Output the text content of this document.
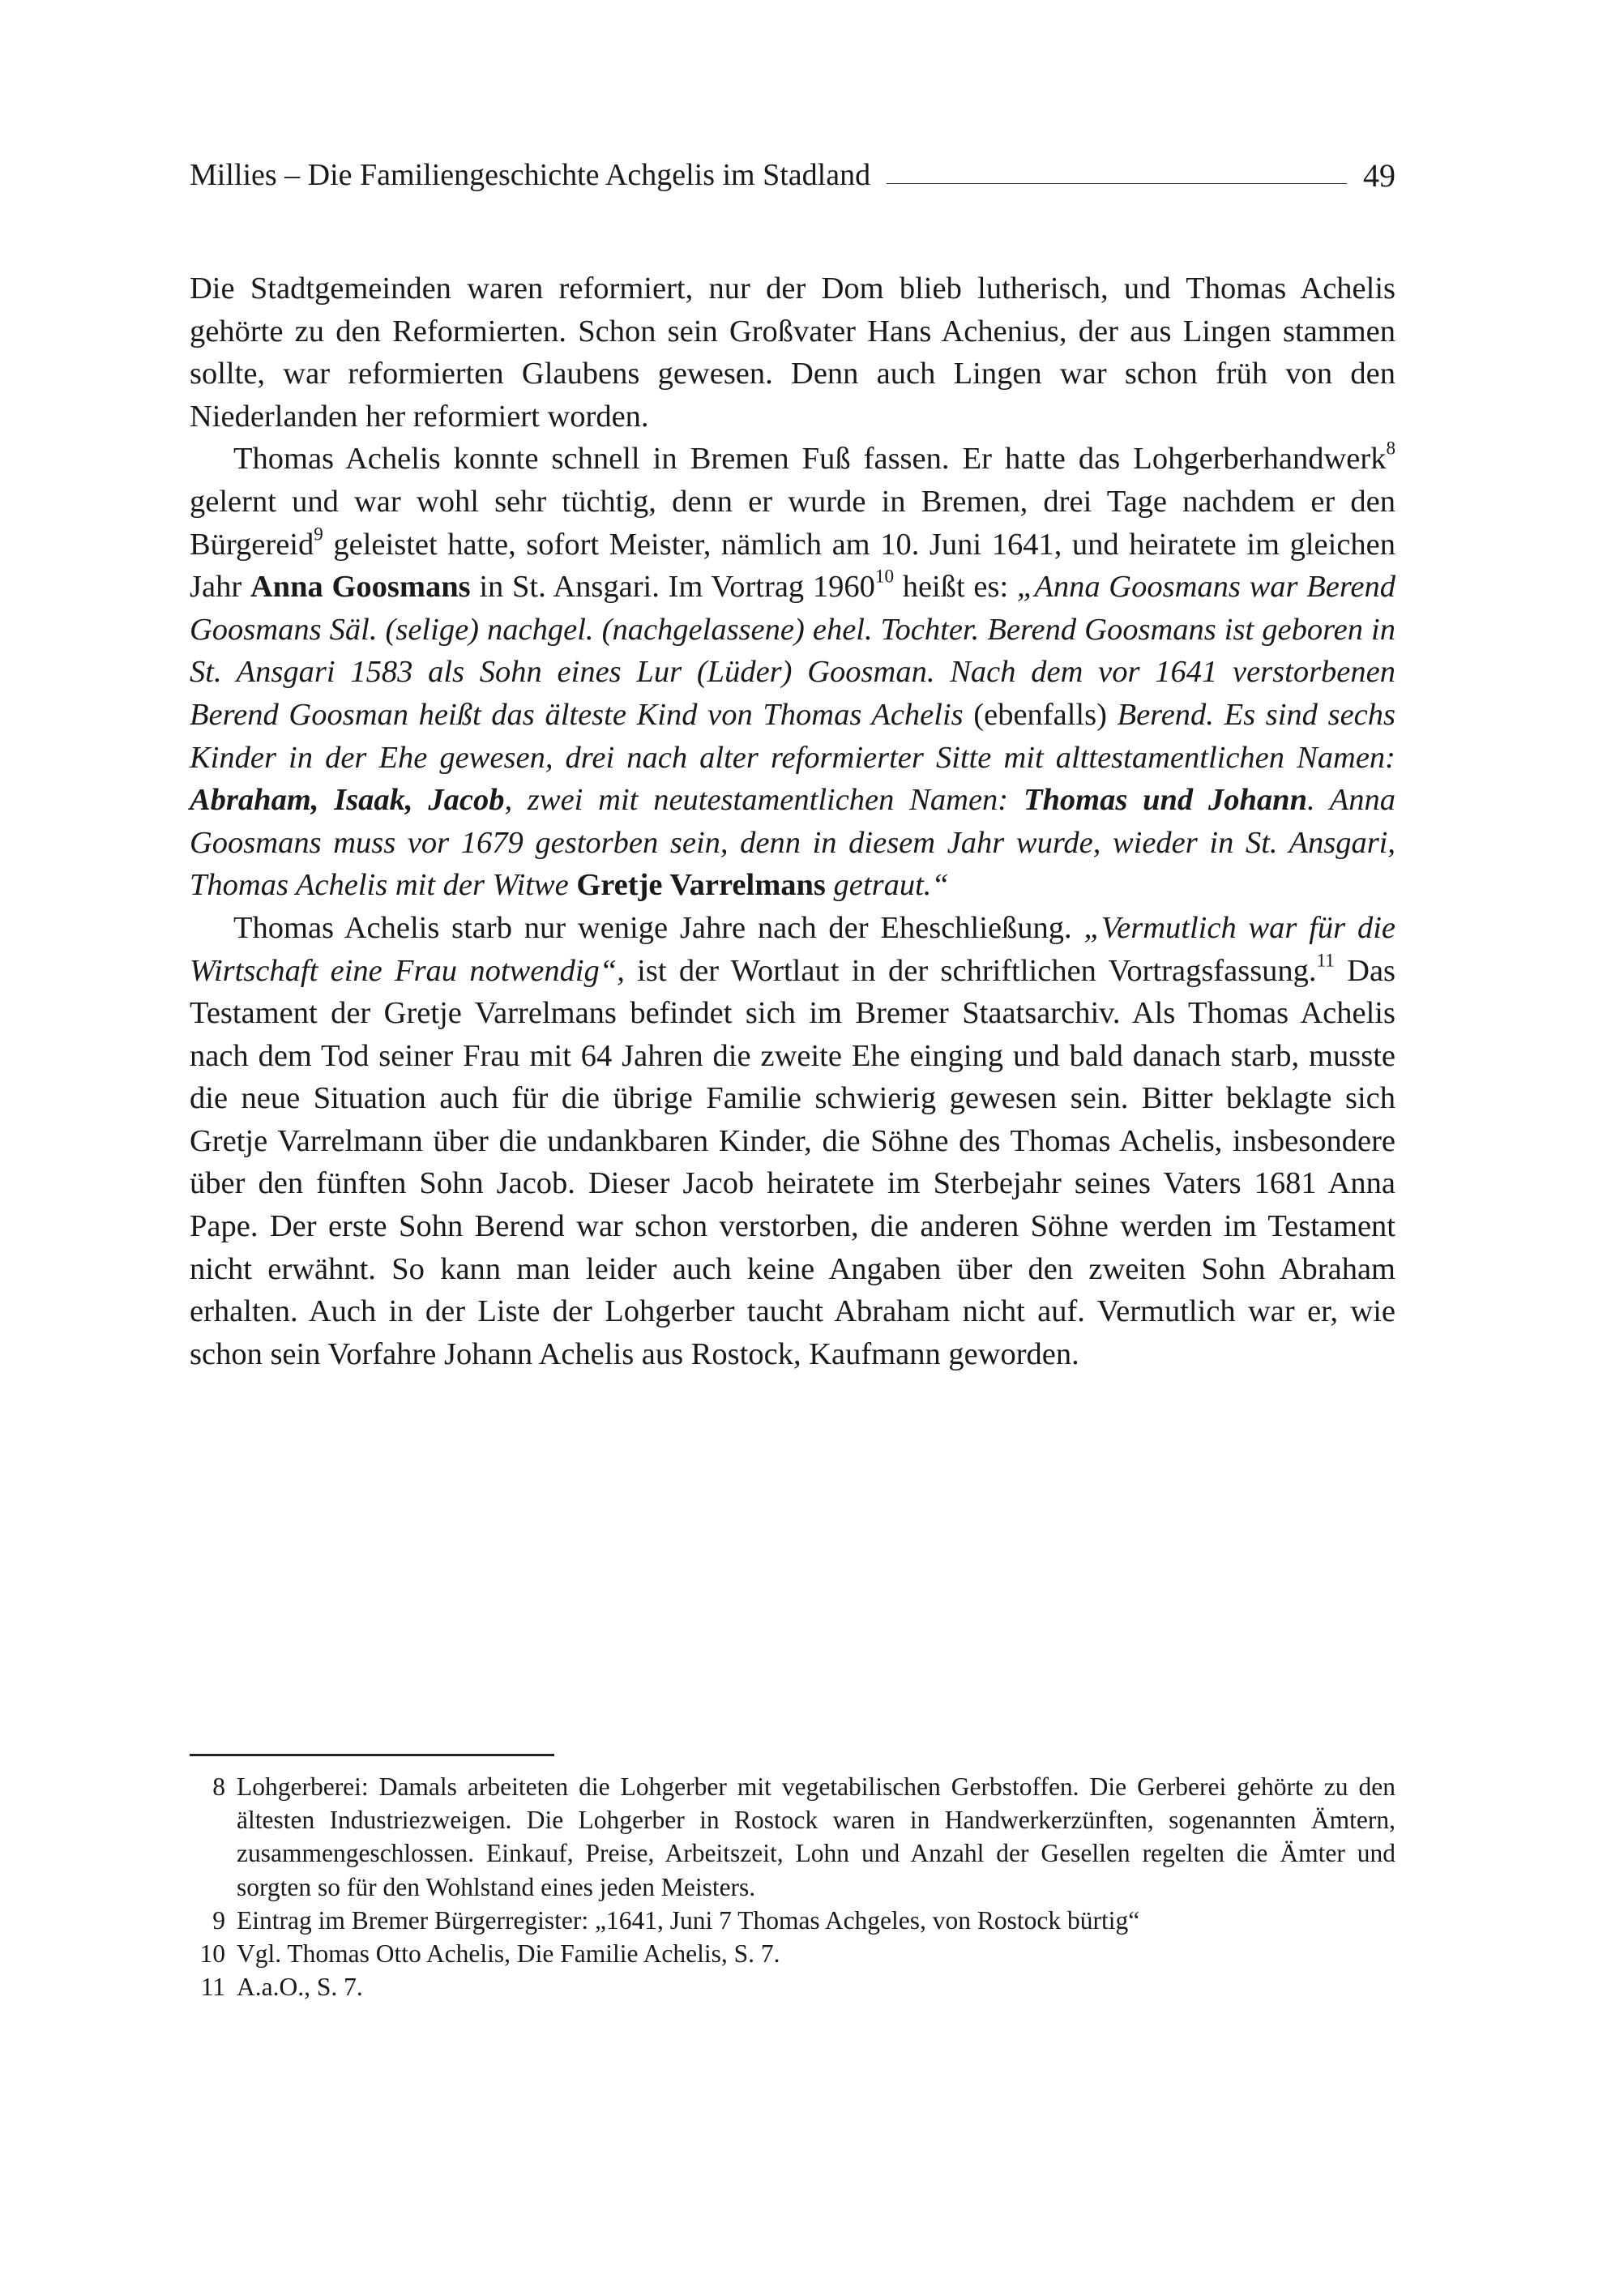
Millies – Die Familiengeschichte Achgelis im Stadland	49

Die Stadtgemeinden waren reformiert, nur der Dom blieb lutherisch, und Thomas Achelis gehörte zu den Reformierten. Schon sein Großvater Hans Achenius, der aus Lingen stammen sollte, war reformierten Glaubens gewesen. Denn auch Lingen war schon früh von den Niederlanden her reformiert worden.

Thomas Achelis konnte schnell in Bremen Fuß fassen. Er hatte das Lohgerberhandwerk$^8$ gelernt und war wohl sehr tüchtig, denn er wurde in Bremen, drei Tage nachdem er den Bürgereid$^9$ geleistet hatte, sofort Meister, nämlich am 10. Juni 1641, und heiratete im gleichen Jahr Anna Goosmans in St. Ansgari. Im Vortrag 1960$^{10}$ heißt es: „Anna Goosmans war Berend Goosmans Säl. (selige) nachgel. (nachgelassene) ehel. Tochter. Berend Goosmans ist geboren in St. Ansgari 1583 als Sohn eines Lur (Lüder) Goosman. Nach dem vor 1641 verstorbenen Berend Goosman heißt das älteste Kind von Thomas Achelis (ebenfalls) Berend. Es sind sechs Kinder in der Ehe gewesen, drei nach alter reformierter Sitte mit alttestamentlichen Namen: Abraham, Isaak, Jacob, zwei mit neutestamentlichen Namen: Thomas und Johann. Anna Goosmans muss vor 1679 gestorben sein, denn in diesem Jahr wurde, wieder in St. Ansgari, Thomas Achelis mit der Witwe Gretje Varrelmans getraut.“

Thomas Achelis starb nur wenige Jahre nach der Eheschließung. „Vermutlich war für die Wirtschaft eine Frau notwendig“, ist der Wortlaut in der schriftlichen Vortragsfassung.$^{11}$ Das Testament der Gretje Varrelmans befindet sich im Bremer Staatsarchiv. Als Thomas Achelis nach dem Tod seiner Frau mit 64 Jahren die zweite Ehe einging und bald danach starb, musste die neue Situation auch für die übrige Familie schwierig gewesen sein. Bitter beklagte sich Gretje Varrelmann über die undankbaren Kinder, die Söhne des Thomas Achelis, insbesondere über den fünften Sohn Jacob. Dieser Jacob heiratete im Sterbejahr seines Vaters 1681 Anna Pape. Der erste Sohn Berend war schon verstorben, die anderen Söhne werden im Testament nicht erwähnt. So kann man leider auch keine Angaben über den zweiten Sohn Abraham erhalten. Auch in der Liste der Lohgerber taucht Abraham nicht auf. Vermutlich war er, wie schon sein Vorfahre Johann Achelis aus Rostock, Kaufmann geworden.

8 Lohgerberei: Damals arbeiteten die Lohgerber mit vegetabilischen Gerbstoffen. Die Gerberei gehörte zu den ältesten Industriezweigen. Die Lohgerber in Rostock waren in Handwerkerzünften, sogenannten Ämtern, zusammengeschlossen. Einkauf, Preise, Arbeitszeit, Lohn und Anzahl der Gesellen regelten die Ämter und sorgten so für den Wohlstand eines jeden Meisters.
9 Eintrag im Bremer Bürgerregister: „1641, Juni 7 Thomas Achgeles, von Rostock bürtig“
10 Vgl. Thomas Otto Achelis, Die Familie Achelis, S. 7.
11 A.a.O., S. 7.
